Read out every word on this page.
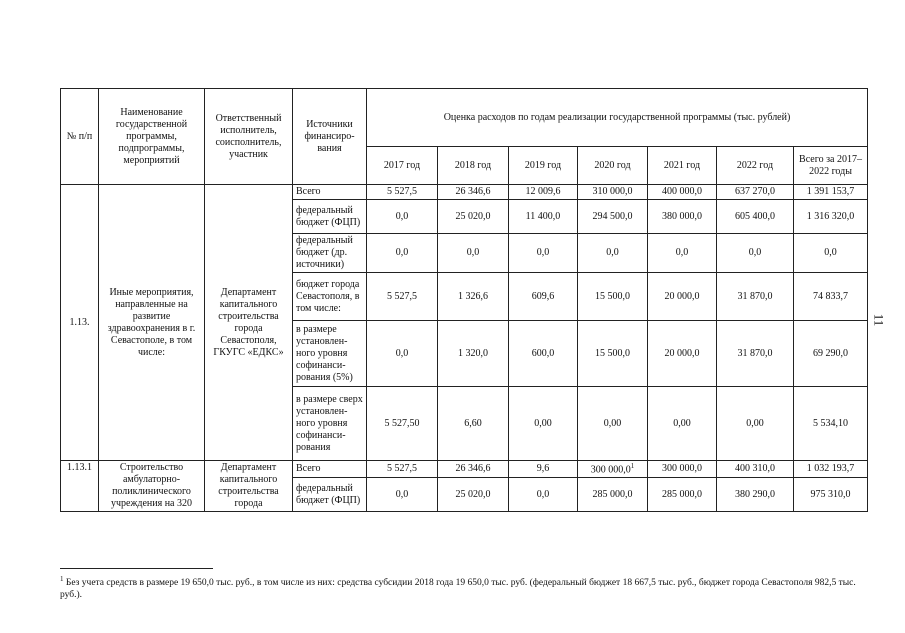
№ п/п	Наименование государственной программы, подпрограммы, мероприятий	Ответственный исполнитель, соисполнитель, участник	Источники финансиро-вания	Оценка расходов по годам реализации государственной программы (тыс. рублей)						
				2017 год	2018 год	2019 год	2020 год	2021 год	2022 год	Всего за 2017–2022 годы
1.13.	Иные мероприятия, направленные на развитие здравоохранения в г. Севастополе, в том числе:	Департамент капитального строительства города Севастополя, ГКУГС «ЕДКС»	Всего	5 527,5	26 346,6	12 009,6	310 000,0	400 000,0	637 270,0	1 391 153,7
			федеральный бюджет (ФЦП)	0,0	25 020,0	11 400,0	294 500,0	380 000,0	605 400,0	1 316 320,0
			федеральный бюджет (др. источники)	0,0	0,0	0,0	0,0	0,0	0,0	0,0
			бюджет города Севастополя, в том числе:	5 527,5	1 326,6	609,6	15 500,0	20 000,0	31 870,0	74 833,7
			в размере установлен-ного уровня софинанси-рования (5%)	0,0	1 320,0	600,0	15 500,0	20 000,0	31 870,0	69 290,0
			в размере сверх установлен-ного уровня софинанси-рования	5 527,50	6,60	0,00	0,00	0,00	0,00	5 534,10
1.13.1	Строительство амбулаторно-поликлинического учреждения на 320	Департамент капитального строительства города	Всего	5 527,5	26 346,6	9,6	300 000,0$^1$	300 000,0	400 310,0	1 032 193,7
			федеральный бюджет (ФЦП)	0,0	25 020,0	0,0	285 000,0	285 000,0	380 290,0	975 310,0
$^1$ Без учета средств в размере 19 650,0 тыс. руб., в том числе из них: средства субсидии 2018 года 19 650,0 тыс. руб. (федеральный бюджет 18 667,5 тыс. руб., бюджет города Севастополя 982,5 тыс. руб.).
11
